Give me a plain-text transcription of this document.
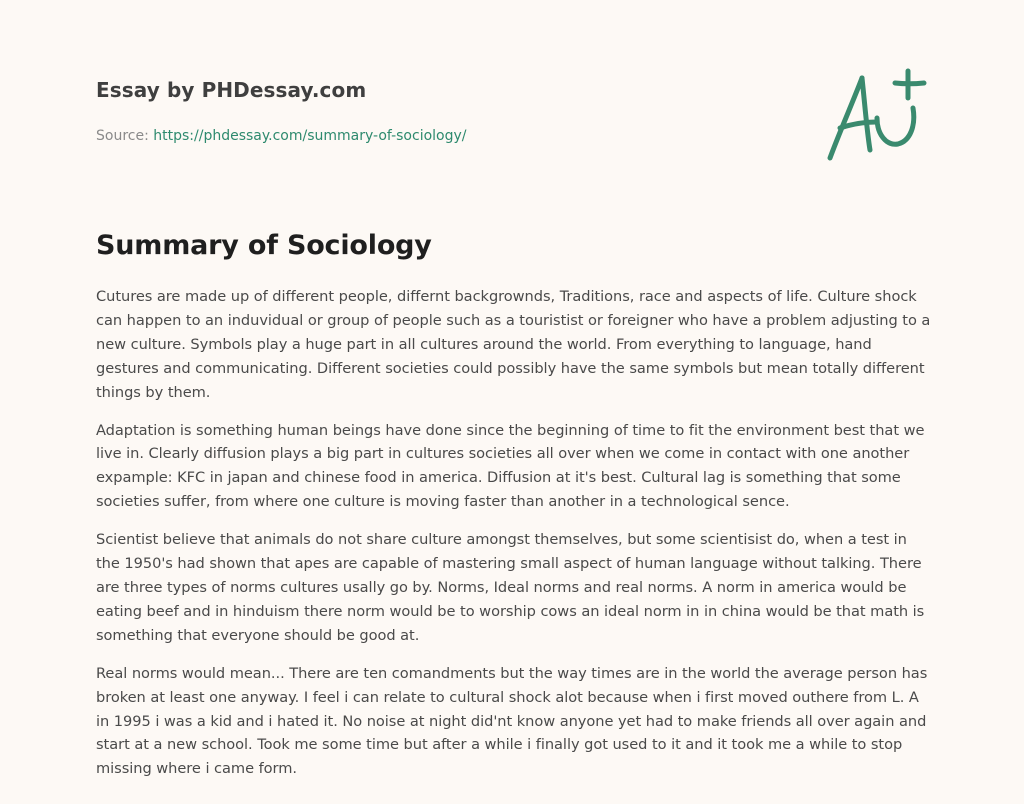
Essay by PHDessay.com
Source: https://phdessay.com/summary-of-sociology/
Summary of Sociology

Cutures are made up of different people, differnt backgrownds, Traditions, race and aspects of life. Culture shock can happen to an induvidual or group of people such as a touristist or foreigner who have a problem adjusting to a new culture. Symbols play a huge part in all cultures around the world. From everything to language, hand gestures and communicating. Different societies could possibly have the same symbols but mean totally different things by them.

Adaptation is something human beings have done since the beginning of time to fit the environment best that we live in. Clearly diffusion plays a big part in cultures societies all over when we come in contact with one another expample: KFC in japan and chinese food in america. Diffusion at it's best. Cultural lag is something that some societies suffer, from where one culture is moving faster than another in a technological sence.

Scientist believe that animals do not share culture amongst themselves, but some scientisist do, when a test in the 1950's had shown that apes are capable of mastering small aspect of human language without talking. There are three types of norms cultures usally go by. Norms, Ideal norms and real norms. A norm in america would be eating beef and in hinduism there norm would be to worship cows an ideal norm in in china would be that math is something that everyone should be good at.

Real norms would mean... There are ten comandments but the way times are in the world the average person has broken at least one anyway. I feel i can relate to cultural shock alot because when i first moved outhere from L. A in 1995 i was a kid and i hated it. No noise at night did'nt know anyone yet had to make friends all over again and start at a new school. Took me some time but after a while i finally got used to it and it took me a while to stop missing where i came form.
